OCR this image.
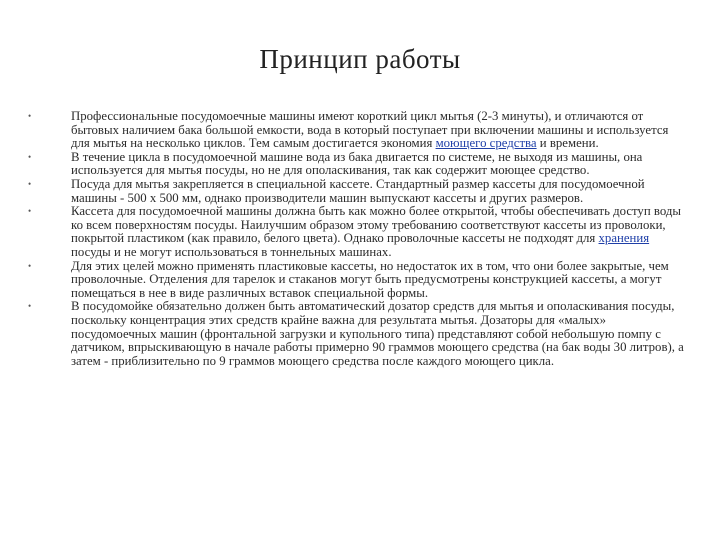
Принцип работы
•	Профессиональные посудомоечные машины имеют короткий цикл мытья (2-3 минуты), и отличаются от бытовых наличием бака большой емкости, вода в который поступает при включении машины и используется для мытья на несколько циклов. Тем самым достигается экономия моющего средства и времени.
•	В течение цикла в посудомоечной машине вода из бака двигается по системе, не выходя из машины, она используется для мытья посуды, но не для ополаскивания, так как содержит моющее средство.
•	Посуда для мытья закрепляется в специальной кассете. Стандартный размер кассеты для посудомоечной машины - 500 х 500 мм, однако производители машин выпускают кассеты и других размеров.
•	Кассета для посудомоечной машины должна быть как можно более открытой, чтобы обеспечивать доступ воды ко всем поверхностям посуды. Наилучшим образом этому требованию соответствуют кассеты из проволоки, покрытой пластиком (как правило, белого цвета). Однако проволочные кассеты не подходят для хранения посуды и не могут использоваться в тоннельных машинах.
•	Для этих целей можно применять пластиковые кассеты, но недостаток их в том, что они более закрытые, чем проволочные. Отделения для тарелок и стаканов могут быть предусмотрены конструкцией кассеты, а могут помещаться в нее в виде различных вставок специальной формы.
•	В посудомойке обязательно должен быть автоматический дозатор средств для мытья и ополаскивания посуды, поскольку концентрация этих средств крайне важна для результата мытья. Дозаторы для «малых» посудомоечных машин (фронтальной загрузки и купольного типа) представляют собой небольшую помпу с датчиком, впрыскивающую в начале работы примерно 90 граммов моющего средства (на бак воды 30 литров), а затем - приблизительно по 9 граммов моющего средства после каждого моющего цикла.
